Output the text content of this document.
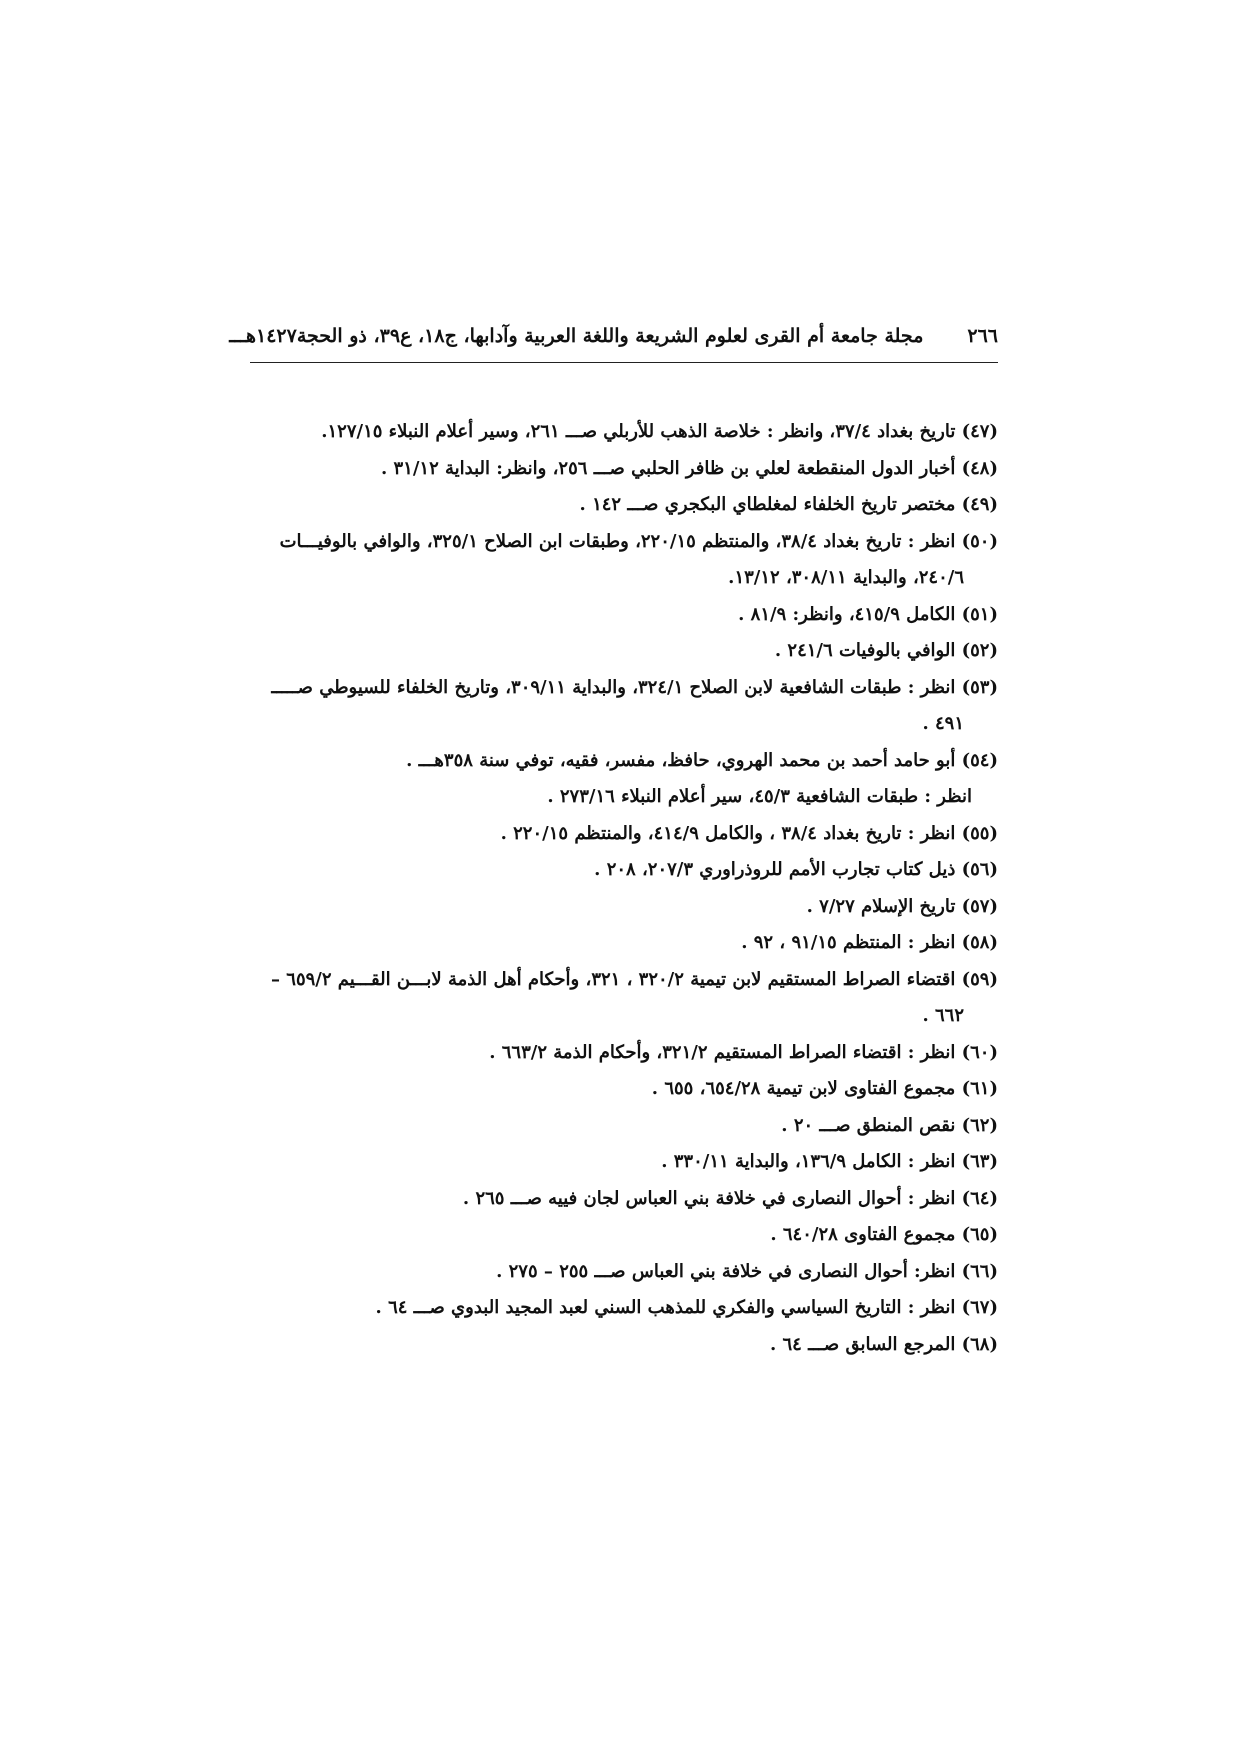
٢٦٦
مجلة جامعة أم القرى لعلوم الشريعة واللغة العربية وآدابها، ج١٨، ع٣٩، ذو الحجة١٤٢٧هـــ

(٤٧) تاريخ بغداد ٣٧/٤، وانظر : خلاصة الذهب للأربلي صـــ ٢٦١، وسير أعلام النبلاء ١٢٧/١٥.

(٤٨) أخبار الدول المنقطعة لعلي بن ظافر الحلبي صـــ ٢٥٦، وانظر: البداية ٣١/١٢ .

(٤٩) مختصر تاريخ الخلفاء لمغلطاي البكجري صـــ ١٤٢ .

(٥٠) انظر : تاريخ بغداد ٣٨/٤، والمنتظم ٢٢٠/١٥، وطبقات ابن الصلاح ٣٢٥/١، والوافي بالوفيـــات

٢٤٠/٦، والبداية ٣٠٨/١١، ١٣/١٢.

(٥١) الكامل ٤١٥/٩، وانظر: ٨١/٩ .

(٥٢) الوافي بالوفيات ٢٤١/٦ .

(٥٣) انظر : طبقات الشافعية لابن الصلاح ٣٢٤/١، والبداية ٣٠٩/١١، وتاريخ الخلفاء للسيوطي صـــــ

٤٩١ .

(٥٤) أبو حامد أحمد بن محمد الهروي، حافظ، مفسر، فقيه، توفي سنة ٣٥٨هـــ .

انظر : طبقات الشافعية ٤٥/٣، سير أعلام النبلاء ٢٧٣/١٦ .

(٥٥) انظر : تاريخ بغداد ٣٨/٤ ، والكامل ٤١٤/٩، والمنتظم ٢٢٠/١٥ .

(٥٦) ذيل كتاب تجارب الأمم للروذراوري ٢٠٧/٣، ٢٠٨ .

(٥٧) تاريخ الإسلام ٧/٢٧ .

(٥٨) انظر : المنتظم ٩١/١٥ ، ٩٢ .

(٥٩) اقتضاء الصراط المستقيم لابن تيمية ٣٢٠/٢ ، ٣٢١، وأحكام أهل الذمة لابـــن القـــيم ٦٥٩/٢ –

٦٦٢ .

(٦٠) انظر : اقتضاء الصراط المستقيم ٣٢١/٢، وأحكام الذمة ٦٦٣/٢ .

(٦١) مجموع الفتاوى لابن تيمية ٦٥٤/٢٨، ٦٥٥ .

(٦٢) نقص المنطق صـــ ٢٠ .

(٦٣) انظر : الكامل ١٣٦/٩، والبداية ٣٣٠/١١ .

(٦٤) انظر : أحوال النصارى في خلافة بني العباس لجان فييه صـــ ٢٦٥ .

(٦٥) مجموع الفتاوى ٦٤٠/٢٨ .

(٦٦) انظر: أحوال النصارى في خلافة بني العباس صـــ ٢٥٥ – ٢٧٥ .

(٦٧) انظر : التاريخ السياسي والفكري للمذهب السني لعبد المجيد البدوي صـــ ٦٤ .

(٦٨) المرجع السابق صـــ ٦٤ .
